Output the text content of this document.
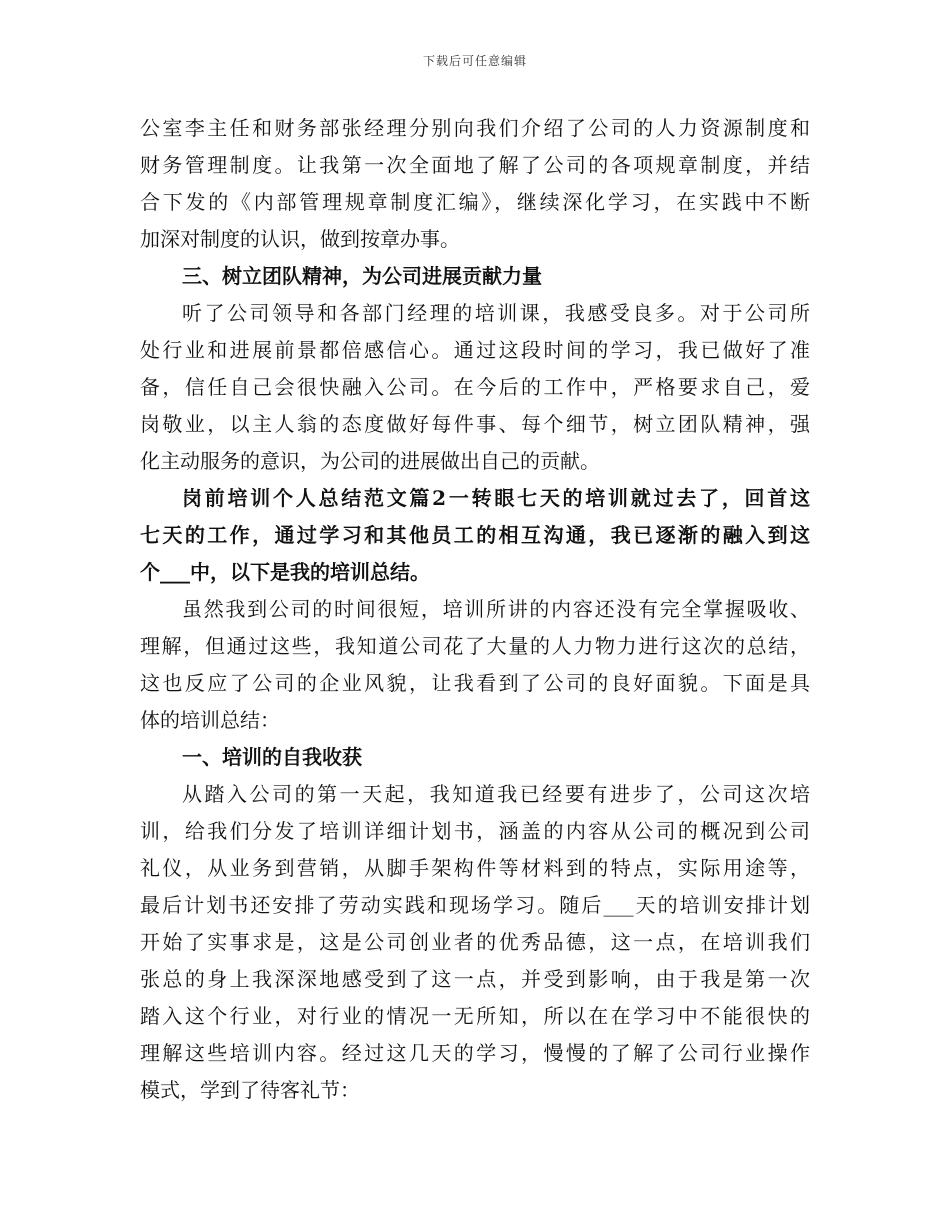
下载后可任意编辑
公室李主任和财务部张经理分别向我们介绍了公司的人力资源制度和
财务管理制度。让我第一次全面地了解了公司的各项规章制度，并结
合下发的《内部管理规章制度汇编》，继续深化学习，在实践中不断
加深对制度的认识，做到按章办事。
三、树立团队精神，为公司进展贡献力量
听了公司领导和各部门经理的培训课，我感受良多。对于公司所
处行业和进展前景都倍感信心。通过这段时间的学习，我已做好了准
备，信任自己会很快融入公司。在今后的工作中，严格要求自己，爱
岗敬业，以主人翁的态度做好每件事、每个细节，树立团队精神，强
化主动服务的意识，为公司的进展做出自己的贡献。
岗前培训个人总结范文篇2一转眼七天的培训就过去了，回首这
七天的工作，通过学习和其他员工的相互沟通，我已逐渐的融入到这
个___中，以下是我的培训总结。
虽然我到公司的时间很短，培训所讲的内容还没有完全掌握吸收、
理解，但通过这些，我知道公司花了大量的人力物力进行这次的总结，
这也反应了公司的企业风貌，让我看到了公司的良好面貌。下面是具
体的培训总结：
一、培训的自我收获
从踏入公司的第一天起，我知道我已经要有进步了，公司这次培
训，给我们分发了培训详细计划书，涵盖的内容从公司的概况到公司
礼仪，从业务到营销，从脚手架构件等材料到的特点，实际用途等，
最后计划书还安排了劳动实践和现场学习。随后___天的培训安排计划
开始了实事求是，这是公司创业者的优秀品德，这一点，在培训我们
张总的身上我深深地感受到了这一点，并受到影响，由于我是第一次
踏入这个行业，对行业的情况一无所知，所以在在学习中不能很快的
理解这些培训内容。经过这几天的学习，慢慢的了解了公司行业操作
模式，学到了待客礼节：
